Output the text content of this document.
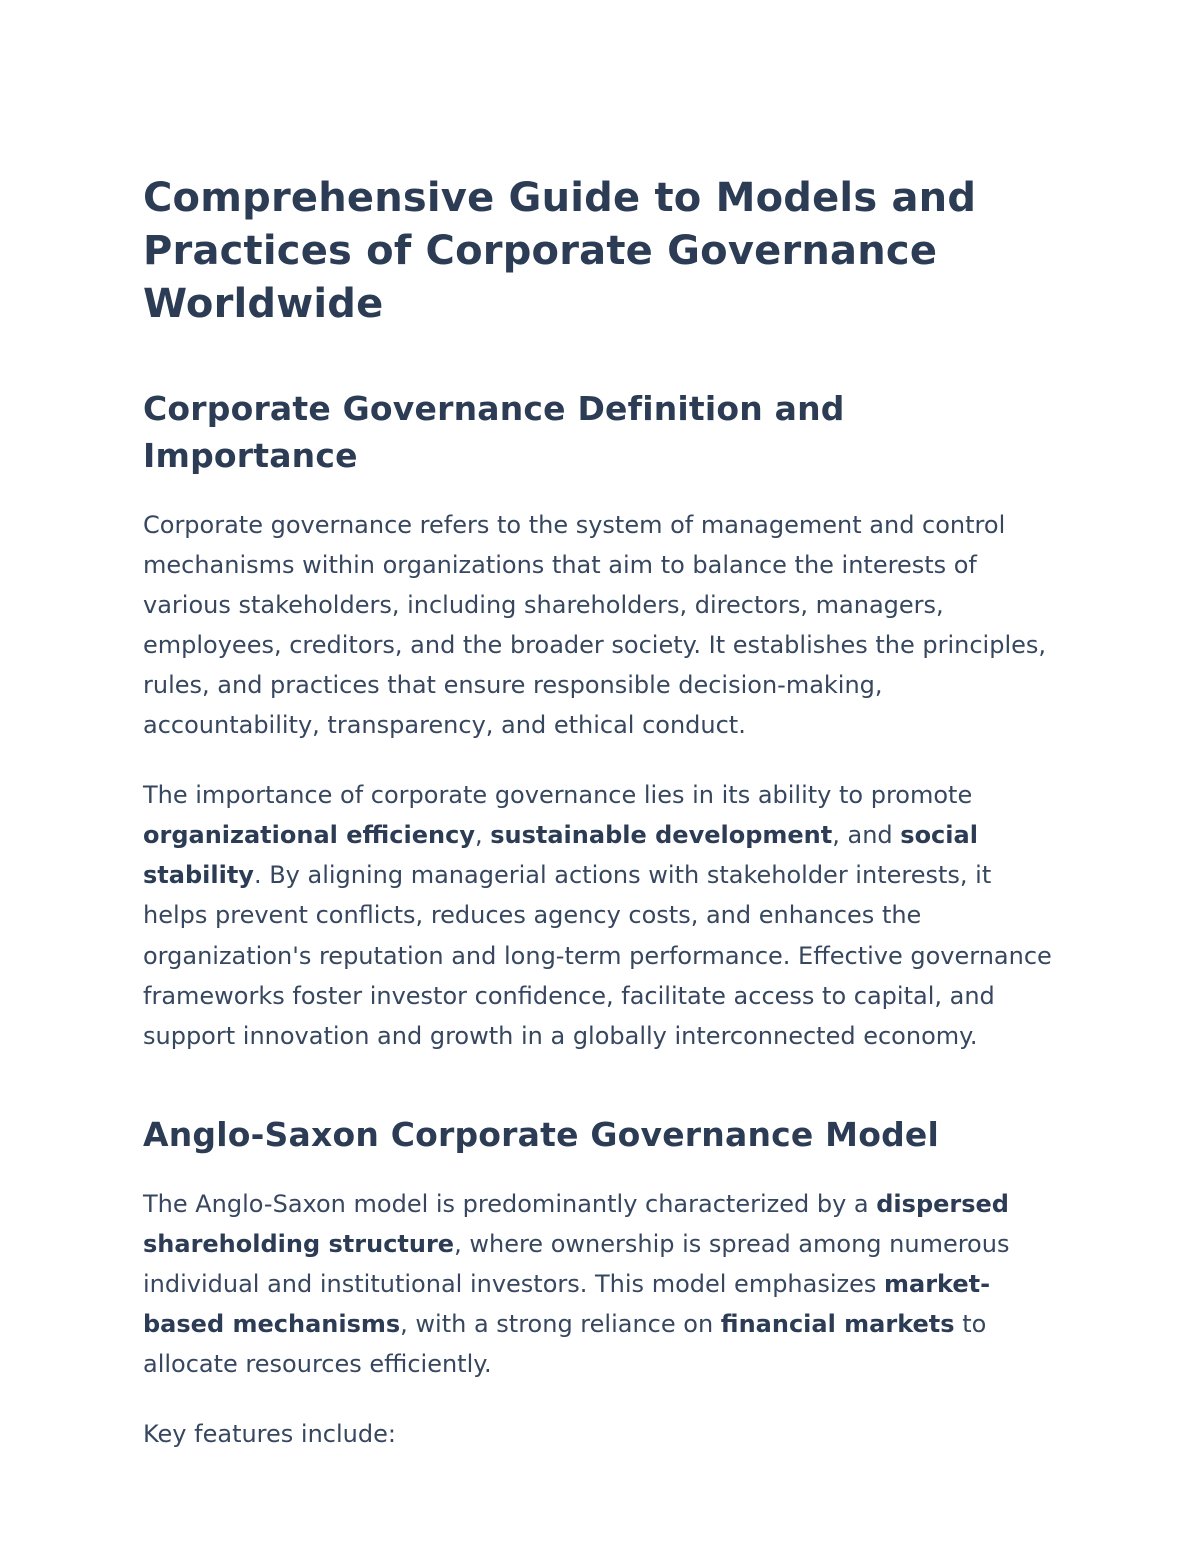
Comprehensive Guide to Models and Practices of Corporate Governance Worldwide
Corporate Governance Definition and Importance

Corporate governance refers to the system of management and control mechanisms within organizations that aim to balance the interests of various stakeholders, including shareholders, directors, managers, employees, creditors, and the broader society. It establishes the principles, rules, and practices that ensure responsible decision-making, accountability, transparency, and ethical conduct.

The importance of corporate governance lies in its ability to promote organizational efficiency, sustainable development, and social stability. By aligning managerial actions with stakeholder interests, it helps prevent conflicts, reduces agency costs, and enhances the organization's reputation and long-term performance. Effective governance frameworks foster investor confidence, facilitate access to capital, and support innovation and growth in a globally interconnected economy.

Anglo-Saxon Corporate Governance Model

The Anglo-Saxon model is predominantly characterized by a dispersed shareholding structure, where ownership is spread among numerous individual and institutional investors. This model emphasizes market-based mechanisms, with a strong reliance on financial markets to allocate resources efficiently.

Key features include:
